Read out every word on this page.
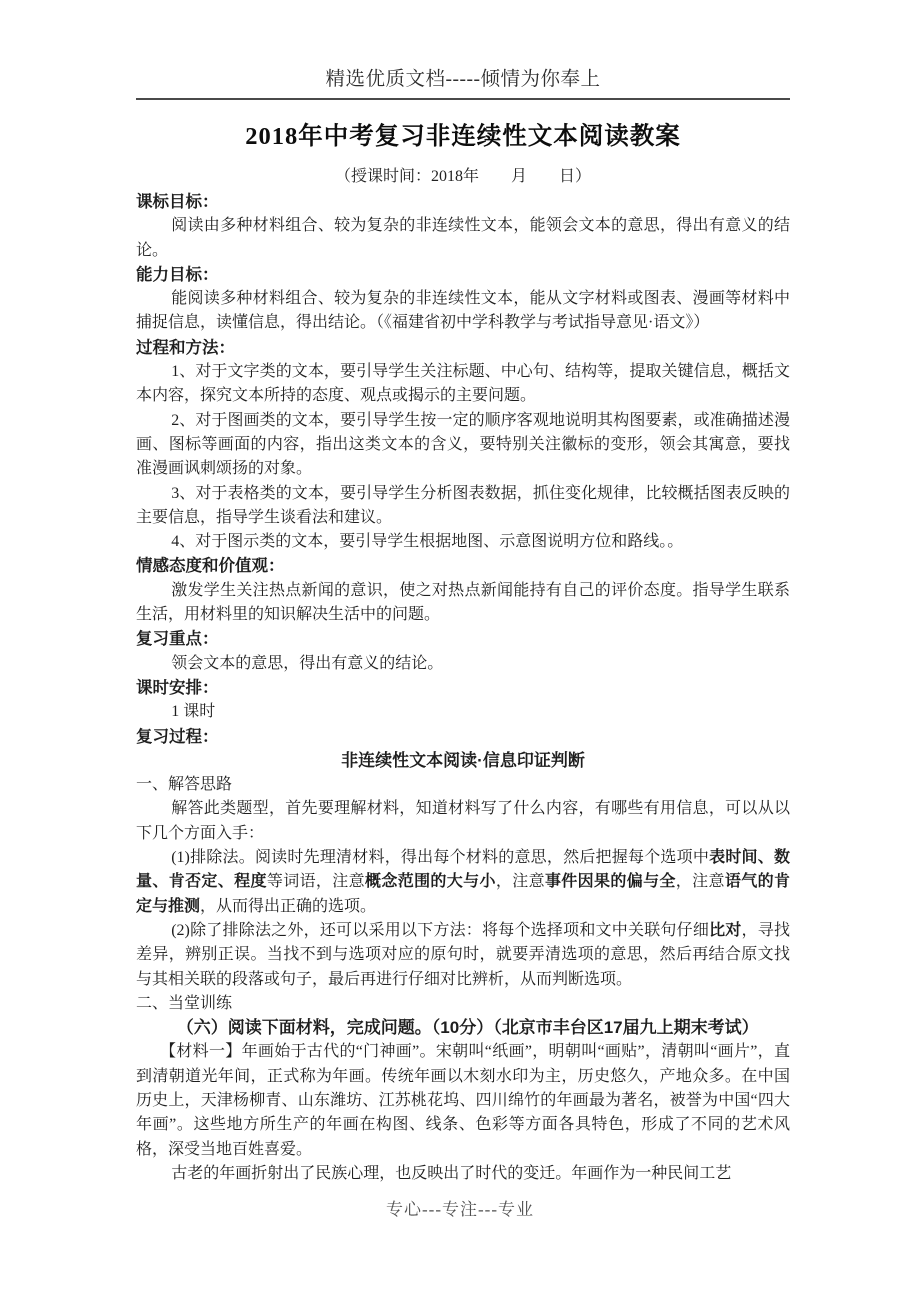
精选优质文档-----倾情为你奉上
2018年中考复习非连续性文本阅读教案
（授课时间：2018年　　月　　日）

课标目标：

阅读由多种材料组合、较为复杂的非连续性文本，能领会文本的意思，得出有意义的结论。

能力目标：

能阅读多种材料组合、较为复杂的非连续性文本，能从文字材料或图表、漫画等材料中捕捉信息，读懂信息，得出结论。（《福建省初中学科教学与考试指导意见·语文》）

过程和方法：

1、对于文字类的文本，要引导学生关注标题、中心句、结构等，提取关键信息，概括文本内容，探究文本所持的态度、观点或揭示的主要问题。

2、对于图画类的文本，要引导学生按一定的顺序客观地说明其构图要素，或准确描述漫画、图标等画面的内容，指出这类文本的含义，要特别关注徽标的变形，领会其寓意，要找准漫画讽刺颂扬的对象。

3、对于表格类的文本，要引导学生分析图表数据，抓住变化规律，比较概括图表反映的主要信息，指导学生谈看法和建议。

4、对于图示类的文本，要引导学生根据地图、示意图说明方位和路线。。

情感态度和价值观：

激发学生关注热点新闻的意识，使之对热点新闻能持有自己的评价态度。指导学生联系生活，用材料里的知识解决生活中的问题。

复习重点：

领会文本的意思，得出有意义的结论。

课时安排：

1 课时

复习过程：

非连续性文本阅读·信息印证判断

一、解答思路

解答此类题型，首先要理解材料，知道材料写了什么内容，有哪些有用信息，可以从以下几个方面入手：

(1)排除法。阅读时先理清材料，得出每个材料的意思，然后把握每个选项中表时间、数量、肯否定、程度等词语，注意概念范围的大与小，注意事件因果的偏与全，注意语气的肯定与推测，从而得出正确的选项。

(2)除了排除法之外，还可以采用以下方法：将每个选择项和文中关联句仔细比对，寻找差异，辨别正误。当找不到与选项对应的原句时，就要弄清选项的意思，然后再结合原文找与其相关联的段落或句子，最后再进行仔细对比辨析，从而判断选项。

二、当堂训练

（六）阅读下面材料，完成问题。（10分）（北京市丰台区17届九上期末考试）

【材料一】年画始于古代的“门神画”。宋朝叫“纸画”，明朝叫“画贴”，清朝叫“画片”，直到清朝道光年间，正式称为年画。传统年画以木刻水印为主，历史悠久，产地众多。在中国历史上，天津杨柳青、山东潍坊、江苏桃花坞、四川绵竹的年画最为著名，被誉为中国“四大年画”。这些地方所生产的年画在构图、线条、色彩等方面各具特色，形成了不同的艺术风格，深受当地百姓喜爱。

古老的年画折射出了民族心理，也反映出了时代的变迁。年画作为一种民间工艺

专心---专注---专业
